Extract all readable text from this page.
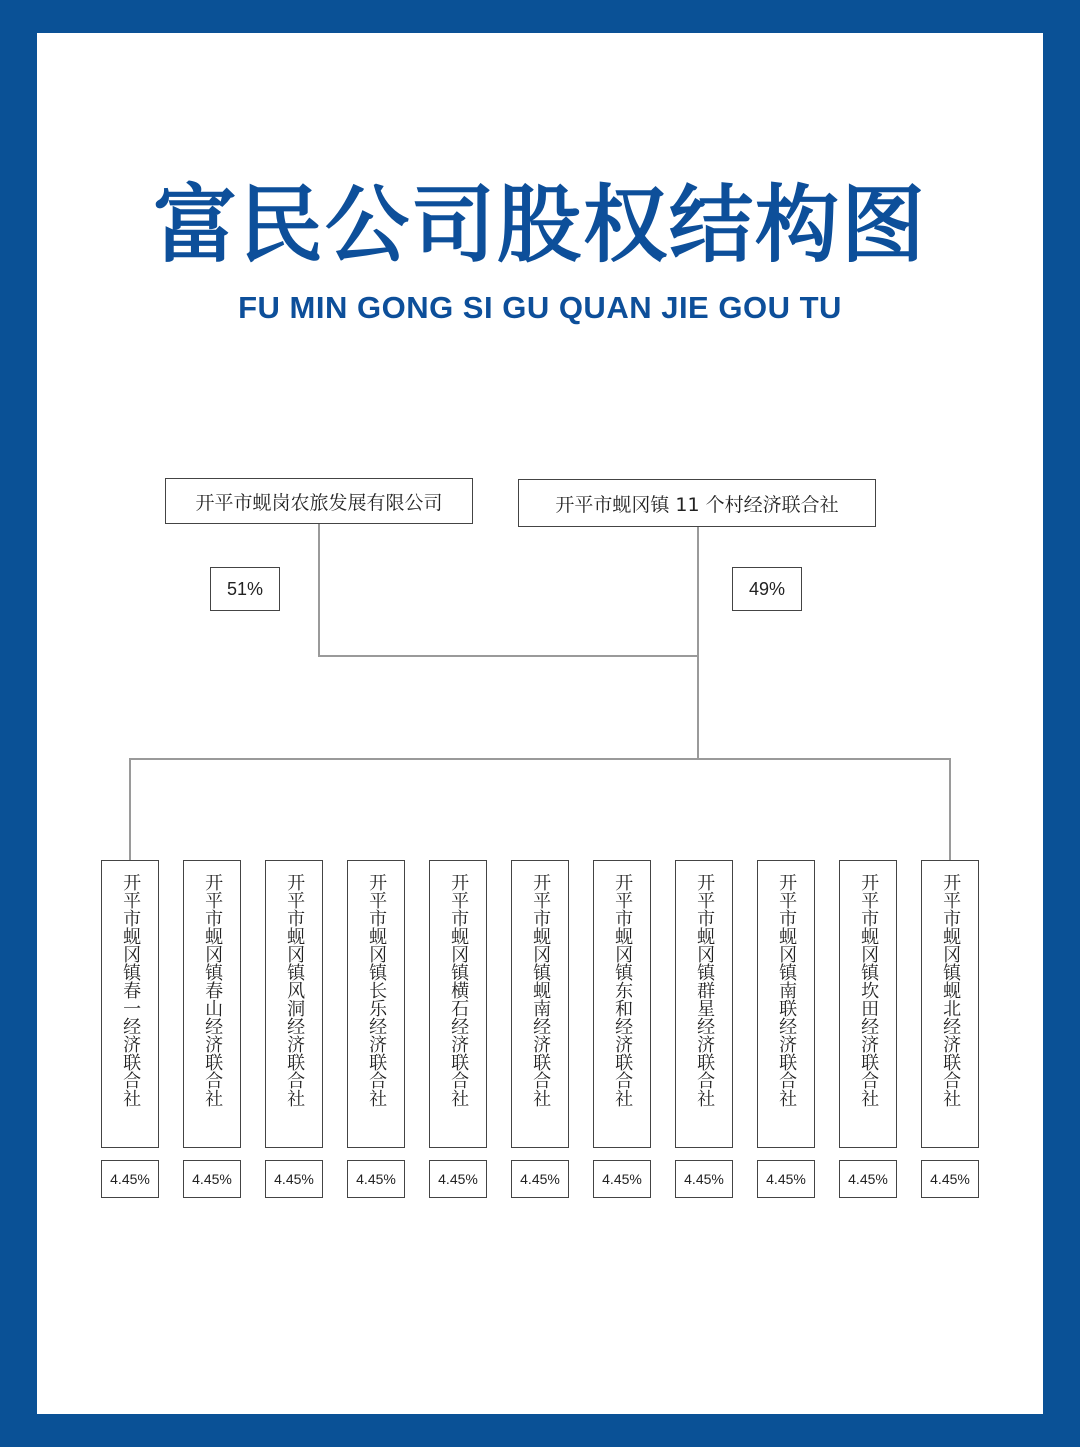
富民公司股权结构图
FU MIN GONG SI GU QUAN JIE GOU TU
开平市蚬岗农旅发展有限公司	开平市蚬冈镇 11 个村经济联合社
51%	49%
开平市蚬冈镇春一经济联合社	开平市蚬冈镇春山经济联合社	开平市蚬冈镇风洞经济联合社	开平市蚬冈镇长乐经济联合社	开平市蚬冈镇横石经济联合社	开平市蚬冈镇蚬南经济联合社	开平市蚬冈镇东和经济联合社	开平市蚬冈镇群星经济联合社	开平市蚬冈镇南联经济联合社	开平市蚬冈镇坎田经济联合社	开平市蚬冈镇蚬北经济联合社
4.45%	4.45%	4.45%	4.45%	4.45%	4.45%	4.45%	4.45%	4.45%	4.45%	4.45%
